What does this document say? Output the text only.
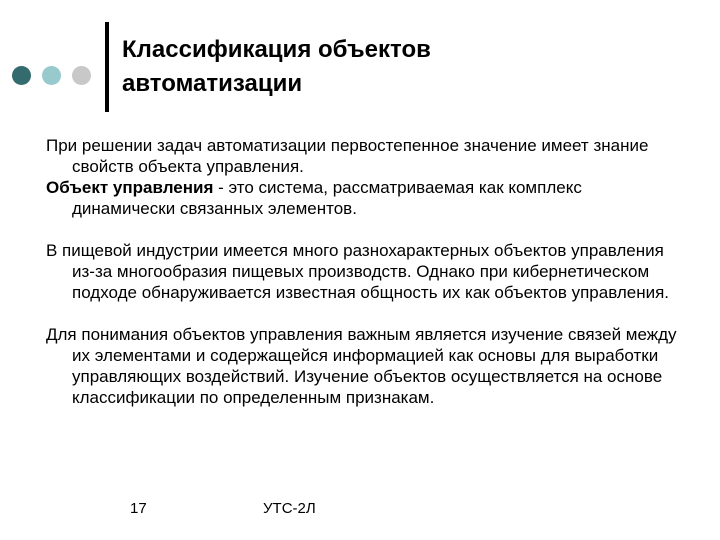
Классификация объектов
автоматизации

При решении задач автоматизации первостепенное значение имеет знание свойств объекта управления.

Объект управления - это система, рассматриваемая как комплекс динамически связанных элементов.

В пищевой индустрии имеется много разнохарактерных объектов управления из-за многообразия пищевых производств. Однако при кибернетическом подходе обнаруживается известная общность их как объектов управления.

Для понимания объектов управления важным является изучение связей между их элементами и содержащейся информацией как основы для выработки управляющих воздействий. Изучение объектов осуществляется на основе классификации по определенным признакам.

17	УТС-2Л
